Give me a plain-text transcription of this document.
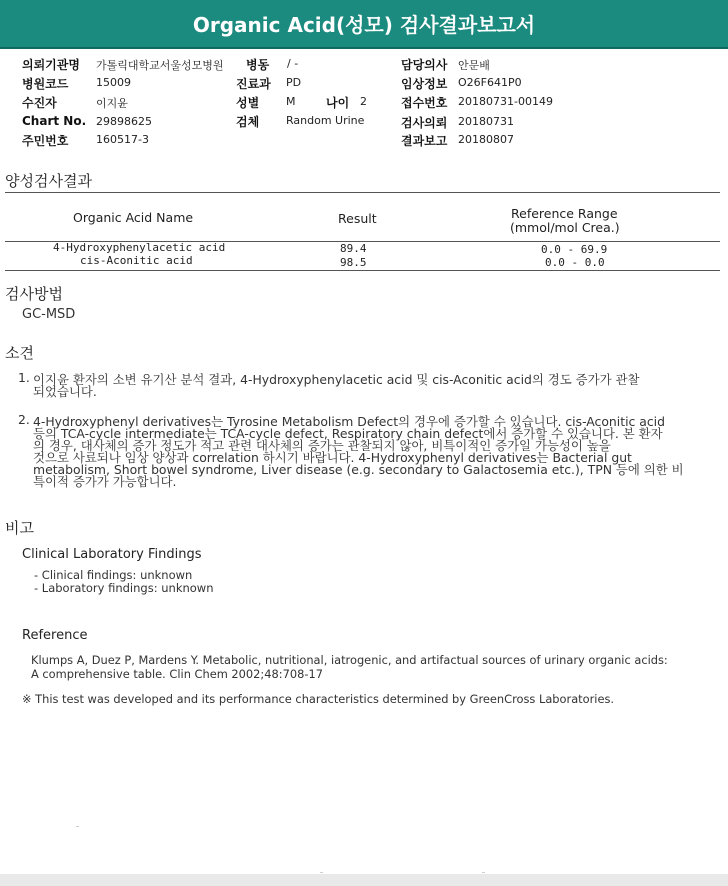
Organic Acid(성모) 검사결과보고서
의뢰기관명 가톨릭대학교서울성모병원 병동 / -	담당의사 안문배
병원코드	15009	진료과 PD	임상정보 O26F641P0
수진자	이지윤	성별 M	나이 2	접수번호 20180731-00149
Chart No. 29898625	검체 Random Urine	검사의뢰 20180731
주민번호	160517-3	결과보고 20180807
양성검사결과
Organic Acid Name	Result	Reference Range
(mmol/mol Crea.)
4-Hydroxyphenylacetic acid	89.4	0.0 - 69.9
cis-Aconitic acid	98.5	0.0 - 0.0
검사방법
GC-MSD
소견
1. 이지윤 환자의 소변 유기산 분석 결과, 4-Hydroxyphenylacetic acid 및 cis-Aconitic acid의 경도 증가가 관찰
되었습니다.
2. 4-Hydroxyphenyl derivatives는 Tyrosine Metabolism Defect의 경우에 증가할 수 있습니다. cis-Aconitic acid
등의 TCA-cycle intermediate는 TCA-cycle defect, Respiratory chain defect에서 증가할 수 있습니다. 본 환자
의 경우, 대사체의 증가 정도가 적고 관련 대사체의 증가는 관찰되지 않아, 비특이적인 증가일 가능성이 높을
것으로 사료되나 임상 양상과 correlation 하시기 바랍니다. 4-Hydroxyphenyl derivatives는 Bacterial gut
metabolism, Short bowel syndrome, Liver disease (e.g. secondary to Galactosemia etc.), TPN 등에 의한 비
특이적 증가가 가능합니다.
비고
Clinical Laboratory Findings
- Clinical findings: unknown
- Laboratory findings: unknown
Reference
Klumps A, Duez P, Mardens Y. Metabolic, nutritional, iatrogenic, and artifactual sources of urinary organic acids:
A comprehensive table. Clin Chem 2002;48:708-17
※ This test was developed and its performance characteristics determined by GreenCross Laboratories.
